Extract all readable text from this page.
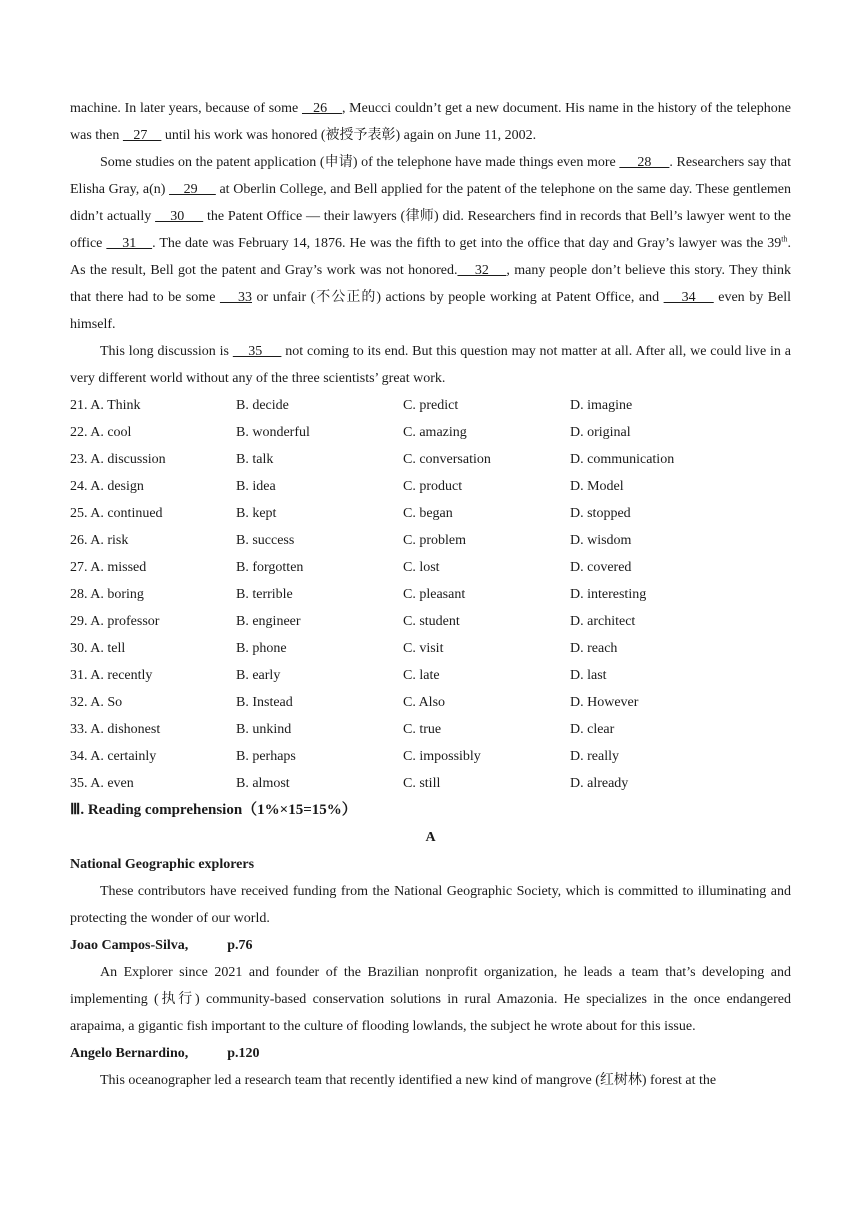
machine. In later years, because of some    26    , Meucci couldn’t get a new document. His name in the history of the telephone was then    27     until his work was honored (被授予表彰) again on June 11, 2002.

Some studies on the patent application (申请) of the telephone have made things even more      28     . Researchers say that Elisha Gray, a(n)     29      at Oberlin College, and Bell applied for the patent of the telephone on the same day. These gentlemen didn’t actually     30      the Patent Office — their lawyers (律师) did. Researchers find in records that Bell’s lawyer went to the office     31    . The date was February 14, 1876. He was the fifth to get into the office that day and Gray’s lawyer was the 39th. As the result, Bell got the patent and Gray’s work was not honored.    32    , many people don’t believe this story. They think that there had to be some     33 or unfair (不公正的) actions by people working at Patent Office, and     34     even by Bell himself.

This long discussion is     35      not coming to its end. But this question may not matter at all. After all, we could live in a very different world without any of the three scientists’ great work.

21. A. Think	B. decide	C. predict	D. imagine
22. A. cool	B. wonderful	C. amazing	D. original
23. A. discussion	B. talk	C. conversation	D. communication
24. A. design	B. idea	C. product	D. Model
25. A. continued	B. kept	C. began	D. stopped
26. A. risk	B. success	C. problem	D. wisdom
27. A. missed	B. forgotten	C. lost	D. covered
28. A. boring	B. terrible	C. pleasant	D. interesting
29. A. professor	B. engineer	C. student	D. architect
30. A. tell	B. phone	C. visit	D. reach
31. A. recently	B. early	C. late	D. last
32. A. So	B. Instead	C. Also	D. However
33. A. dishonest	B. unkind	C. true	D. clear
34. A. certainly	B. perhaps	C. impossibly	D. really
35. A. even	B. almost	C. still	D. already
Ⅲ. Reading comprehension（1%×15=15%）
A
National Geographic explorers

These contributors have received funding from the National Geographic Society, which is committed to illuminating and protecting the wonder of our world.

Joao Campos-Silva,	p.76

An Explorer since 2021 and founder of the Brazilian nonprofit organization, he leads a team that’s developing and implementing (执行) community-based conservation solutions in rural Amazonia. He specializes in the once endangered arapaima, a gigantic fish important to the culture of flooding lowlands, the subject he wrote about for this issue.

Angelo Bernardino,	p.120

This oceanographer led a research team that recently identified a new kind of mangrove (红树林) forest at the
